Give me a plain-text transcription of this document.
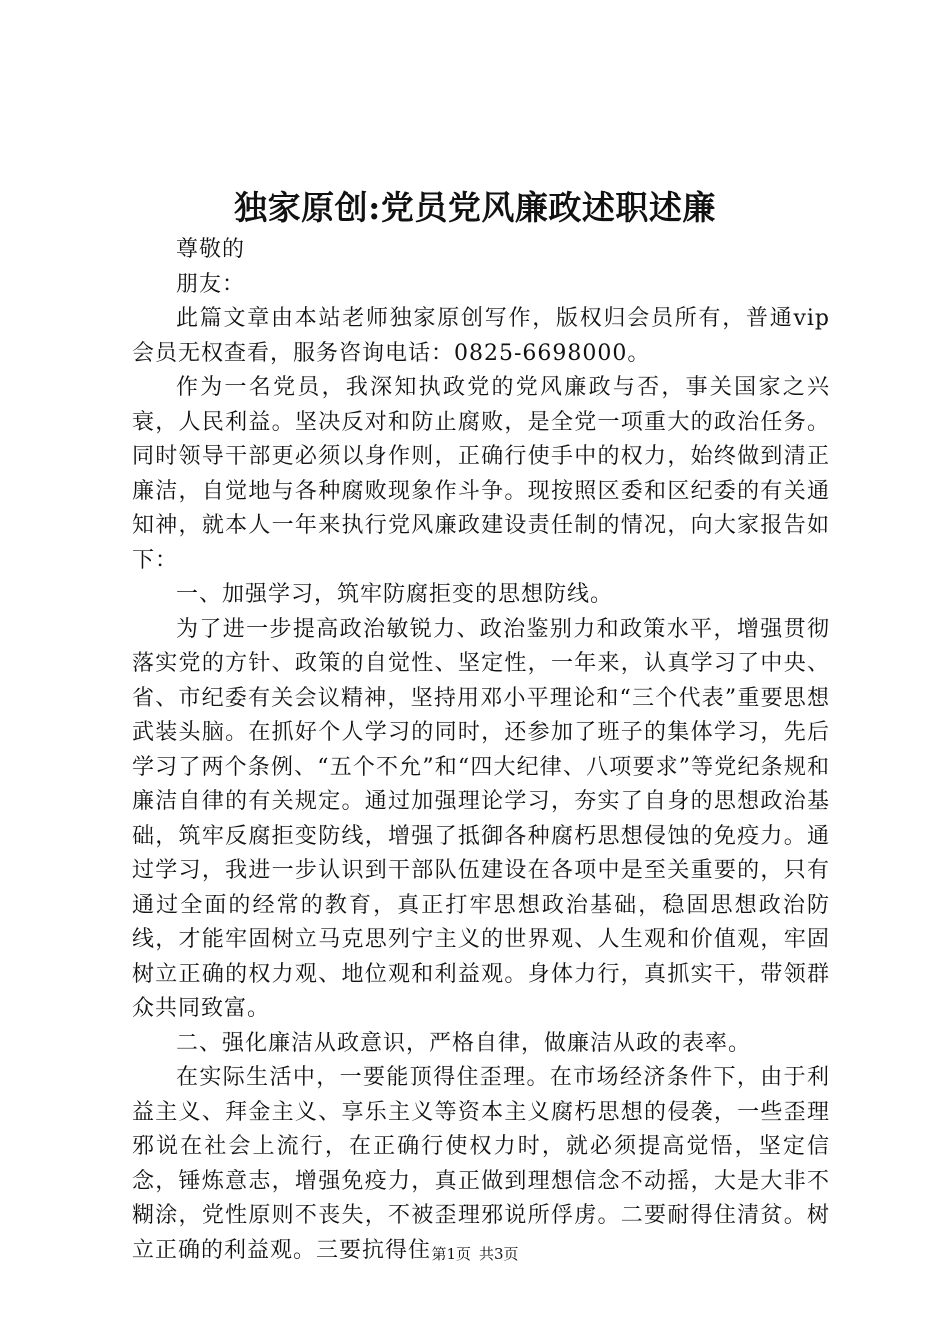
独家原创:党员党风廉政述职述廉

尊敬的

朋友：

此篇文章由本站老师独家原创写作，版权归会员所有，普通vip会员无权查看，服务咨询电话：0825-6698000。

作为一名党员，我深知执政党的党风廉政与否，事关国家之兴衰，人民利益。坚决反对和防止腐败，是全党一项重大的政治任务。同时领导干部更必须以身作则，正确行使手中的权力，始终做到清正廉洁，自觉地与各种腐败现象作斗争。现按照区委和区纪委的有关通知神，就本人一年来执行党风廉政建设责任制的情况，向大家报告如下：

一、加强学习，筑牢防腐拒变的思想防线。

为了进一步提高政治敏锐力、政治鉴别力和政策水平，增强贯彻落实党的方针、政策的自觉性、坚定性，一年来，认真学习了中央、省、市纪委有关会议精神，坚持用邓小平理论和“三个代表”重要思想武装头脑。在抓好个人学习的同时，还参加了班子的集体学习，先后学习了两个条例、“五个不允”和“四大纪律、八项要求”等党纪条规和廉洁自律的有关规定。通过加强理论学习，夯实了自身的思想政治基础，筑牢反腐拒变防线，增强了抵御各种腐朽思想侵蚀的免疫力。通过学习，我进一步认识到干部队伍建设在各项中是至关重要的，只有通过全面的经常的教育，真正打牢思想政治基础，稳固思想政治防线，才能牢固树立马克思列宁主义的世界观、人生观和价值观，牢固树立正确的权力观、地位观和利益观。身体力行，真抓实干，带领群众共同致富。

二、强化廉洁从政意识，严格自律，做廉洁从政的表率。

在实际生活中，一要能顶得住歪理。在市场经济条件下，由于利益主义、拜金主义、享乐主义等资本主义腐朽思想的侵袭，一些歪理邪说在社会上流行，在正确行使权力时，就必须提高觉悟，坚定信念，锤炼意志，增强免疫力，真正做到理想信念不动摇，大是大非不糊涂，党性原则不丧失，不被歪理邪说所俘虏。二要耐得住清贫。树立正确的利益观。三要抗得住 第1页 共3页
